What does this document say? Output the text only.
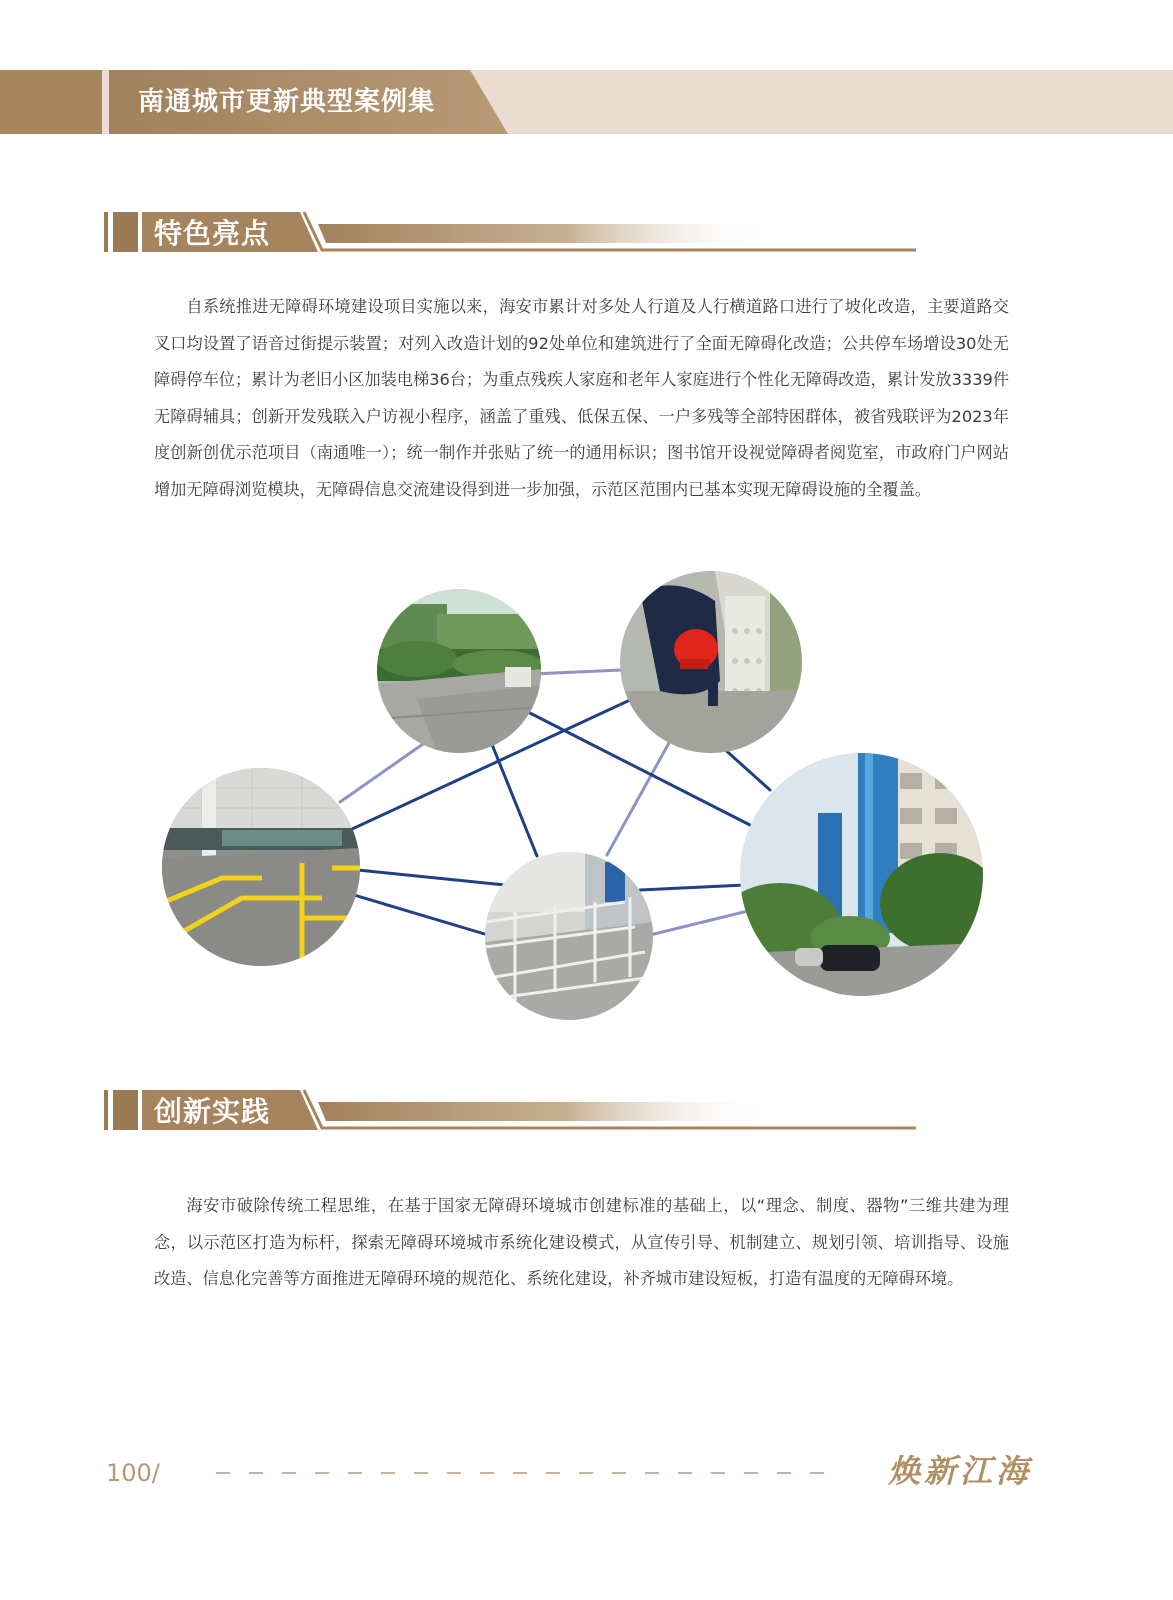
南通城市更新典型案例集
特色亮点

自系统推进无障碍环境建设项目实施以来，海安市累计对多处人行道及人行横道路口进行了坡化改造，主要道路交叉口均设置了语音过街提示装置；对列入改造计划的92处单位和建筑进行了全面无障碍化改造；公共停车场增设30处无障碍停车位；累计为老旧小区加装电梯36台；为重点残疾人家庭和老年人家庭进行个性化无障碍改造，累计发放3339件无障碍辅具；创新开发残联入户访视小程序，涵盖了重残、低保五保、一户多残等全部特困群体，被省残联评为2023年度创新创优示范项目（南通唯一）；统一制作并张贴了统一的通用标识；图书馆开设视觉障碍者阅览室，市政府门户网站增加无障碍浏览模块，无障碍信息交流建设得到进一步加强，示范区范围内已基本实现无障碍设施的全覆盖。

创新实践

海安市破除传统工程思维，在基于国家无障碍环境城市创建标准的基础上，以“理念、制度、器物”三维共建为理念，以示范区打造为标杆，探索无障碍环境城市系统化建设模式，从宣传引导、机制建立、规划引领、培训指导、设施改造、信息化完善等方面推进无障碍环境的规范化、系统化建设，补齐城市建设短板，打造有温度的无障碍环境。

100/	焕新江海
